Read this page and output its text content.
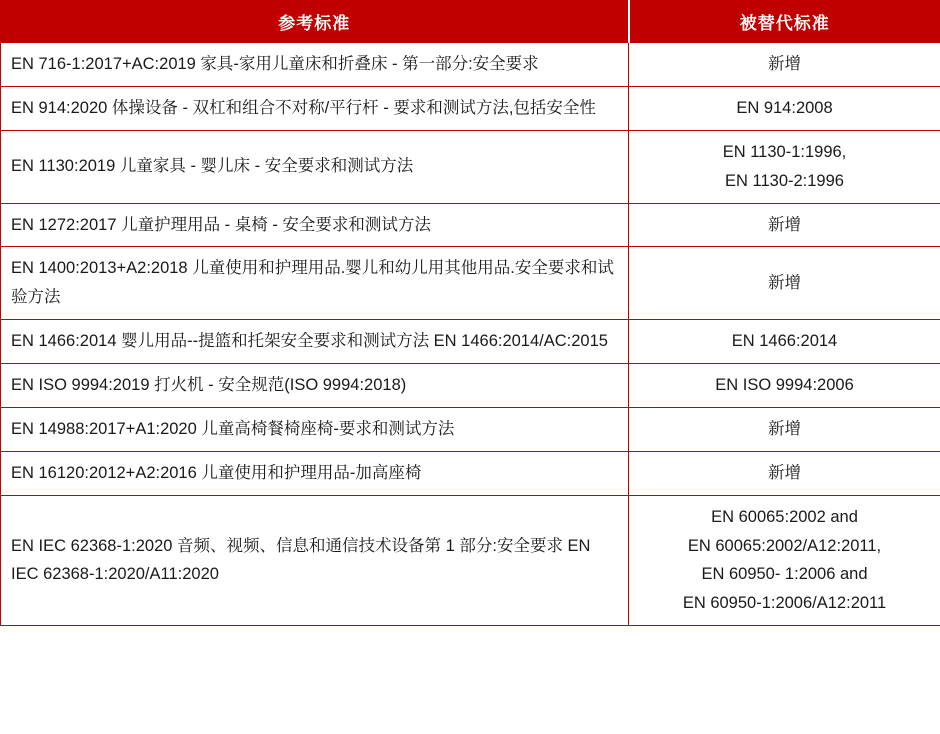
参考标准	被替代标准
EN 716-1:2017+AC:2019 家具-家用儿童床和折叠床 - 第一部分:安全要求	新增

EN 914:2020 体操设备 - 双杠和组合不对称/平行杆 - 要求和测试方法,包括安全性	EN 914:2008

EN 1130:2019 儿童家具 - 婴儿床 - 安全要求和测试方法	EN 1130-1:1996,
EN 1130-2:1996

EN 1272:2017 儿童护理用品 - 桌椅 - 安全要求和测试方法	新增

EN 1400:2013+A2:2018 儿童使用和护理用品.婴儿和幼儿用其他用品.安全要求和试验方法	新增

EN 1466:2014 婴儿用品--提篮和托架安全要求和测试方法 EN 1466:2014/AC:2015	EN 1466:2014

EN ISO 9994:2019 打火机 - 安全规范(ISO 9994:2018)	EN ISO 9994:2006

EN 14988:2017+A1:2020 儿童高椅餐椅座椅-要求和测试方法	新增

EN 16120:2012+A2:2016 儿童使用和护理用品-加高座椅	新增

EN IEC 62368-1:2020 音频、视频、信息和通信技术设备第 1 部分:安全要求 EN IEC 62368-1:2020/A11:2020	EN 60065:2002 and
EN 60065:2002/A12:2011,
EN 60950- 1:2006 and
EN 60950-1:2006/A12:2011
